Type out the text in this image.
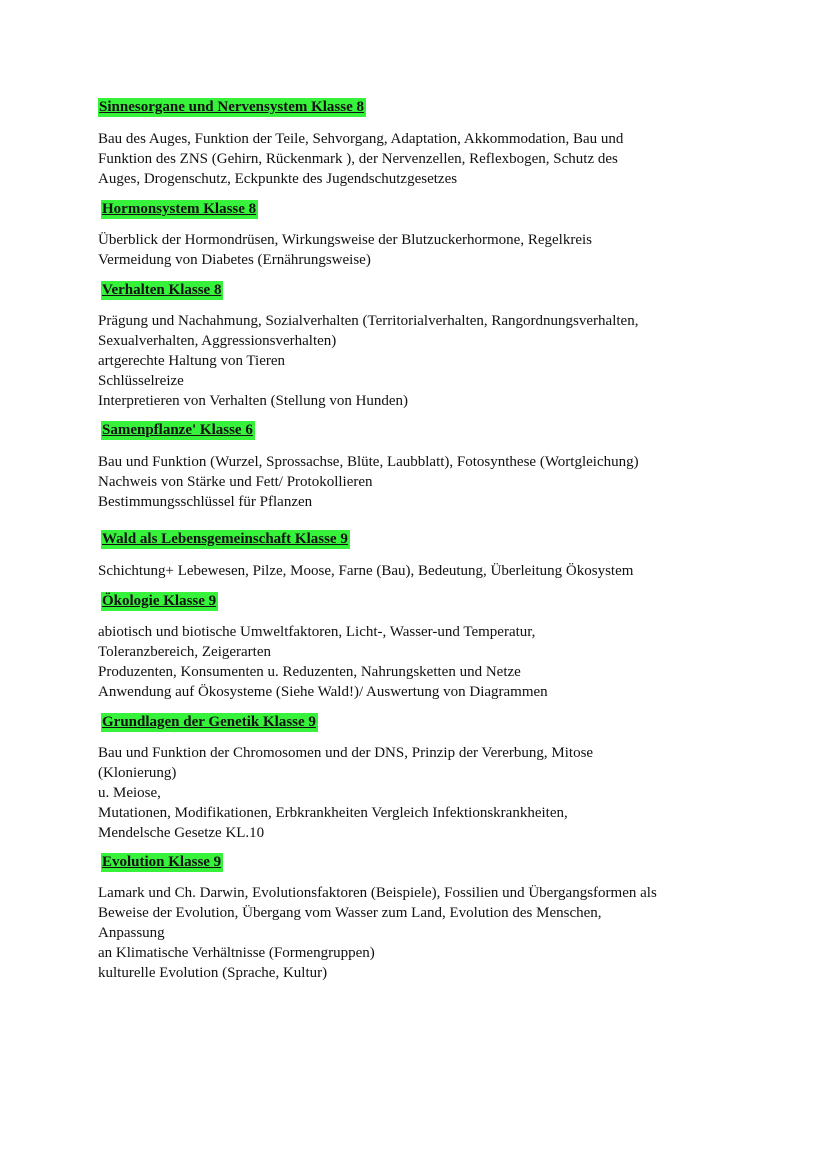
Sinnesorgane und Nervensystem Klasse 8
Bau des Auges, Funktion der Teile, Sehvorgang, Adaptation, Akkommodation, Bau und
Funktion des ZNS (Gehirn, Rückenmark ), der Nervenzellen, Reflexbogen, Schutz des
Auges, Drogenschutz, Eckpunkte des Jugendschutzgesetzes
Hormonsystem Klasse 8
Überblick der Hormondrüsen, Wirkungsweise der Blutzuckerhormone, Regelkreis
Vermeidung von Diabetes (Ernährungsweise)
Verhalten Klasse 8
Prägung und Nachahmung, Sozialverhalten (Territorialverhalten, Rangordnungsverhalten,
Sexualverhalten, Aggressionsverhalten)
artgerechte Haltung von Tieren
Schlüsselreize
Interpretieren von Verhalten (Stellung von Hunden)
Samenpflanze' Klasse 6
Bau und Funktion (Wurzel, Sprossachse, Blüte, Laubblatt), Fotosynthese (Wortgleichung)
Nachweis von Stärke und Fett/ Protokollieren
Bestimmungsschlüssel für Pflanzen
Wald als Lebensgemeinschaft Klasse 9
Schichtung+ Lebewesen, Pilze, Moose, Farne (Bau), Bedeutung, Überleitung Ökosystem
Ökologie Klasse 9
abiotisch und biotische Umweltfaktoren, Licht-, Wasser-und Temperatur,
Toleranzbereich, Zeigerarten
Produzenten, Konsumenten u. Reduzenten, Nahrungsketten und Netze
Anwendung auf Ökosysteme (Siehe Wald!)/ Auswertung von Diagrammen
Grundlagen der Genetik Klasse 9
Bau und Funktion der Chromosomen und der DNS, Prinzip der Vererbung, Mitose
(Klonierung)
u. Meiose,
Mutationen, Modifikationen, Erbkrankheiten Vergleich Infektionskrankheiten,
Mendelsche Gesetze KL.10
Evolution Klasse 9
Lamark und Ch. Darwin, Evolutionsfaktoren (Beispiele), Fossilien und Übergangsformen als
Beweise der Evolution, Übergang vom Wasser zum Land, Evolution des Menschen,
Anpassung
an Klimatische Verhältnisse (Formengruppen)
kulturelle Evolution (Sprache, Kultur)
